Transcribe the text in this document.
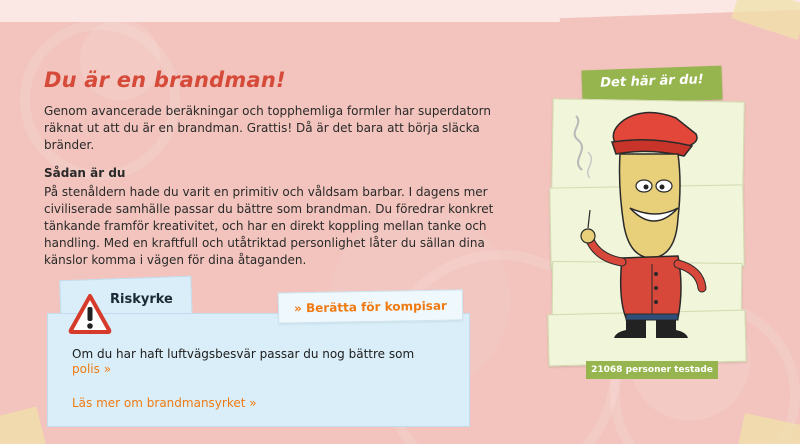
Du är en brandman!

Genom avancerade beräkningar och topphemliga formler har superdatorn räknat ut att du är en brandman. Grattis! Då är det bara att börja släcka bränder.

Sådan är du

På stenåldern hade du varit en primitiv och våldsam barbar. I dagens mer civiliserade samhälle passar du bättre som brandman. Du föredrar konkret tänkande framför kreativitet, och har en direkt koppling mellan tanke och handling. Med en kraftfull och utåtriktad personlighet låter du sällan dina känslor komma i vägen för dina åtaganden.

Riskyrke	» Berätta för kompisar

Om du har haft luftvägsbesvär passar du nog bättre som

polis »
Läs mer om brandmansyrket »
Det här är du!
21068 personer testade
